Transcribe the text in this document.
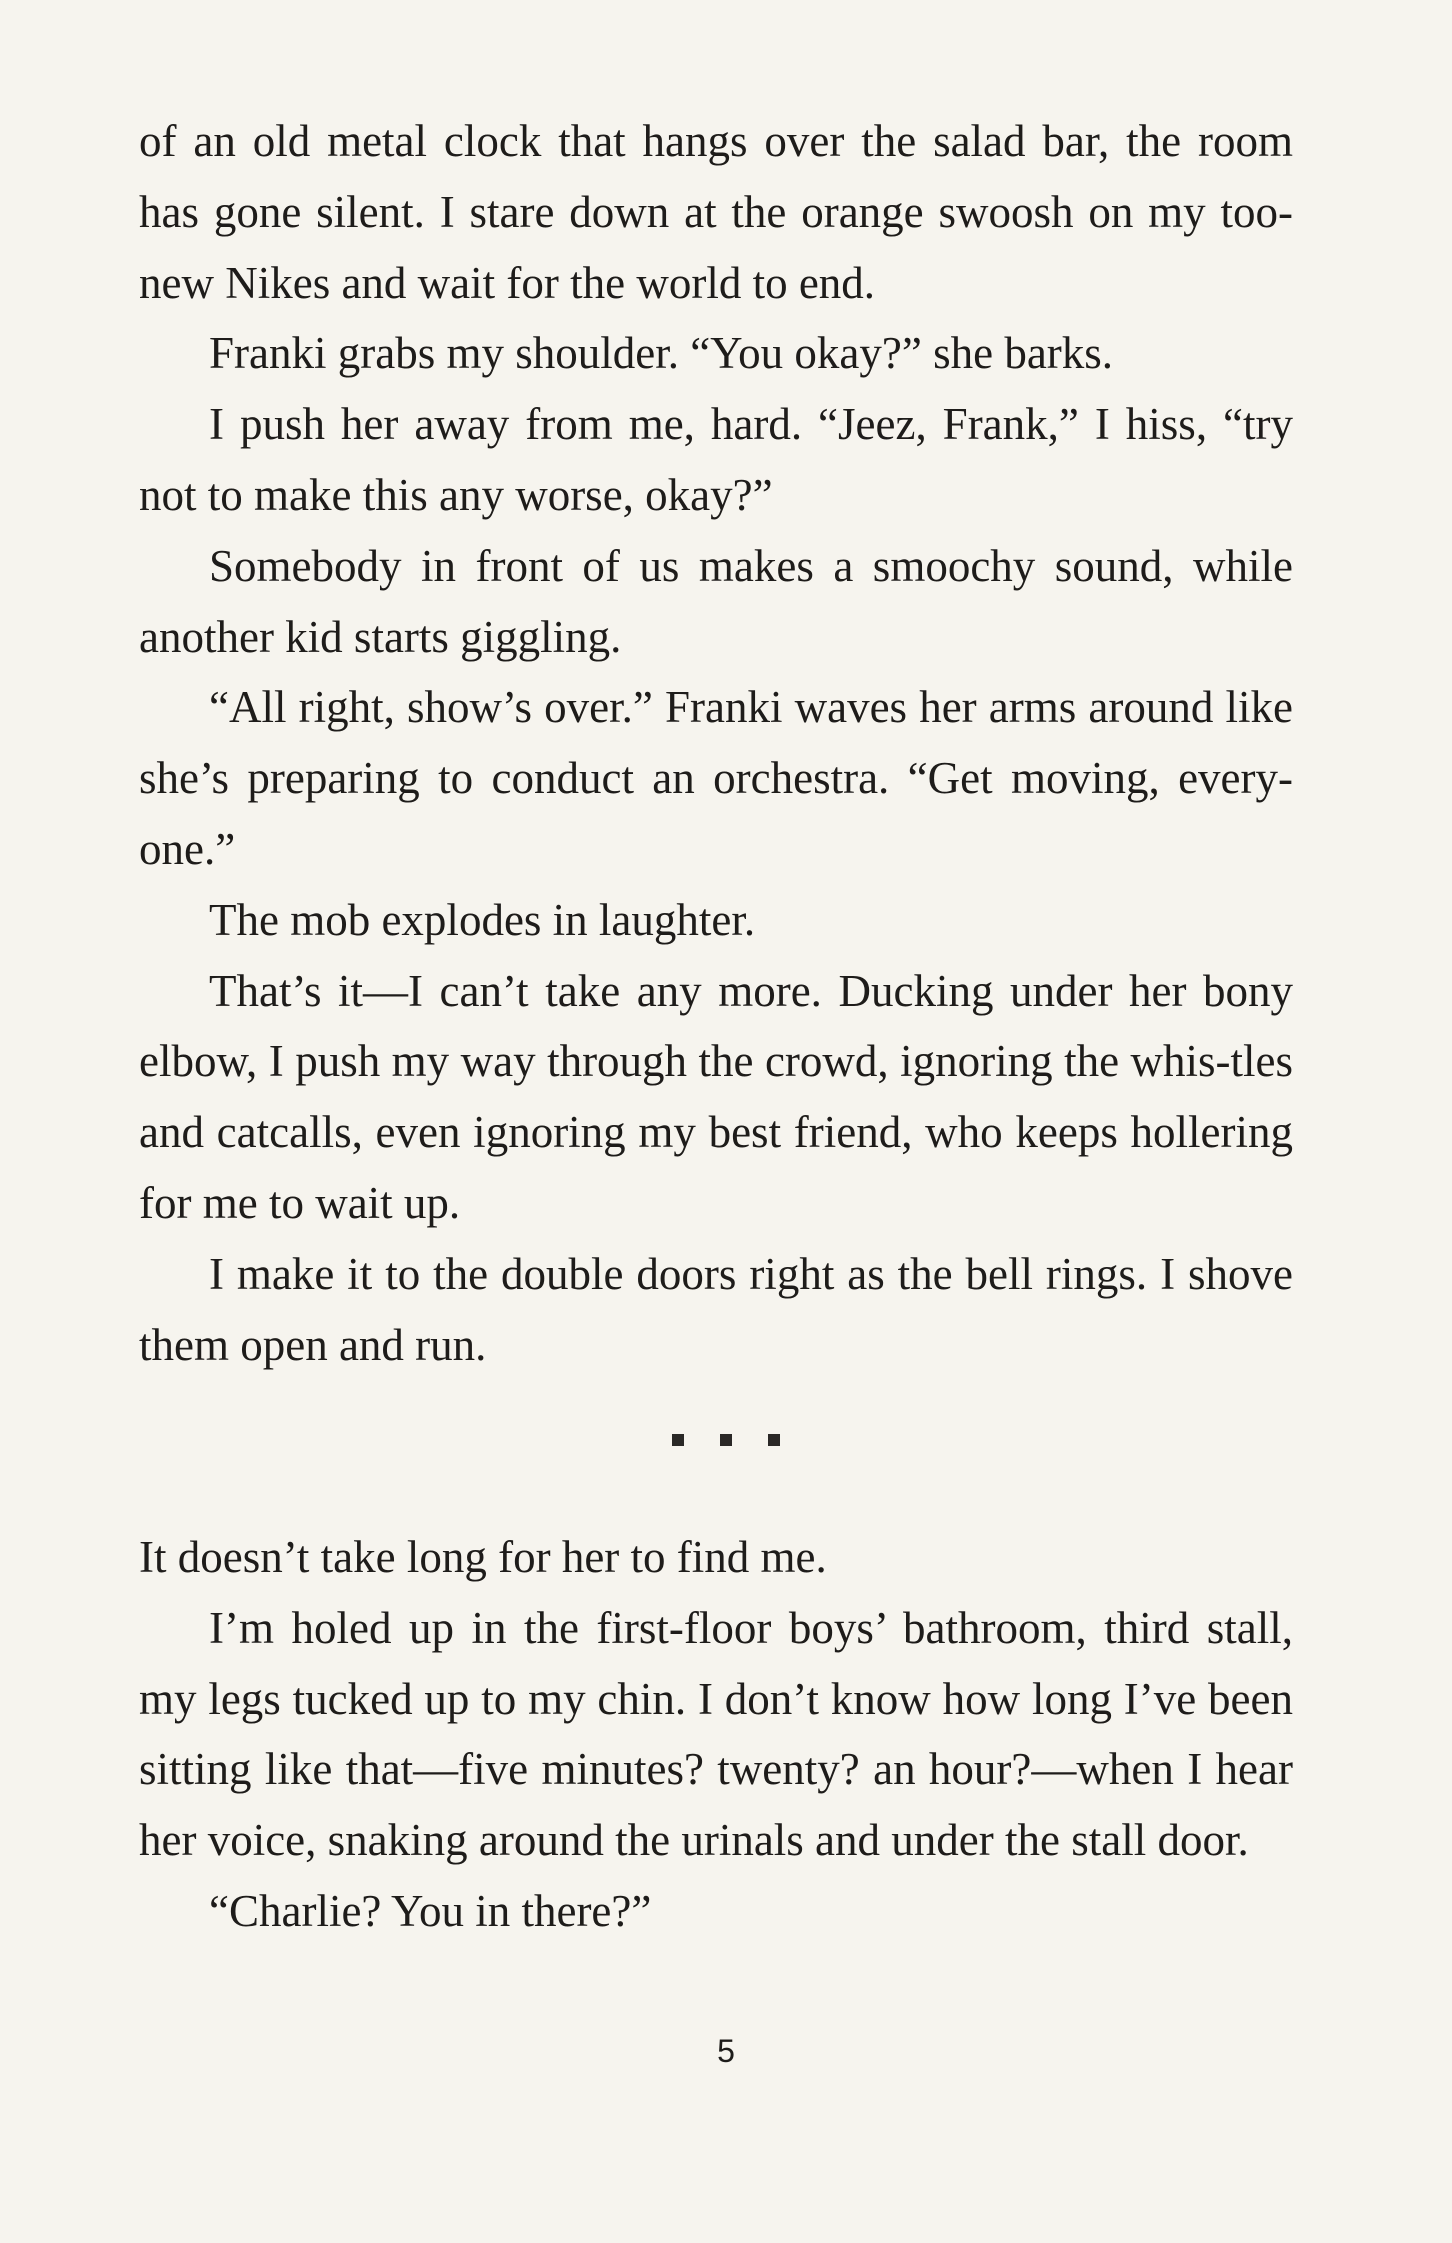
of an old metal clock that hangs over the salad bar, the room has gone silent. I stare down at the orange swoosh on my too-new Nikes and wait for the world to end.

Franki grabs my shoulder. “You okay?” she barks.

I push her away from me, hard. “Jeez, Frank,” I hiss, “try not to make this any worse, okay?”

Somebody in front of us makes a smoochy sound, while another kid starts giggling.

“All right, show’s over.” Franki waves her arms around like she’s preparing to conduct an orchestra. “Get moving, every-one.”

The mob explodes in laughter.

That’s it—I can’t take any more. Ducking under her bony elbow, I push my way through the crowd, ignoring the whis-tles and catcalls, even ignoring my best friend, who keeps hollering for me to wait up.

I make it to the double doors right as the bell rings. I shove them open and run.

It doesn’t take long for her to find me.

I’m holed up in the first-floor boys’ bathroom, third stall, my legs tucked up to my chin. I don’t know how long I’ve been sitting like that—five minutes? twenty? an hour?—when I hear her voice, snaking around the urinals and under the stall door.

“Charlie? You in there?”

5
